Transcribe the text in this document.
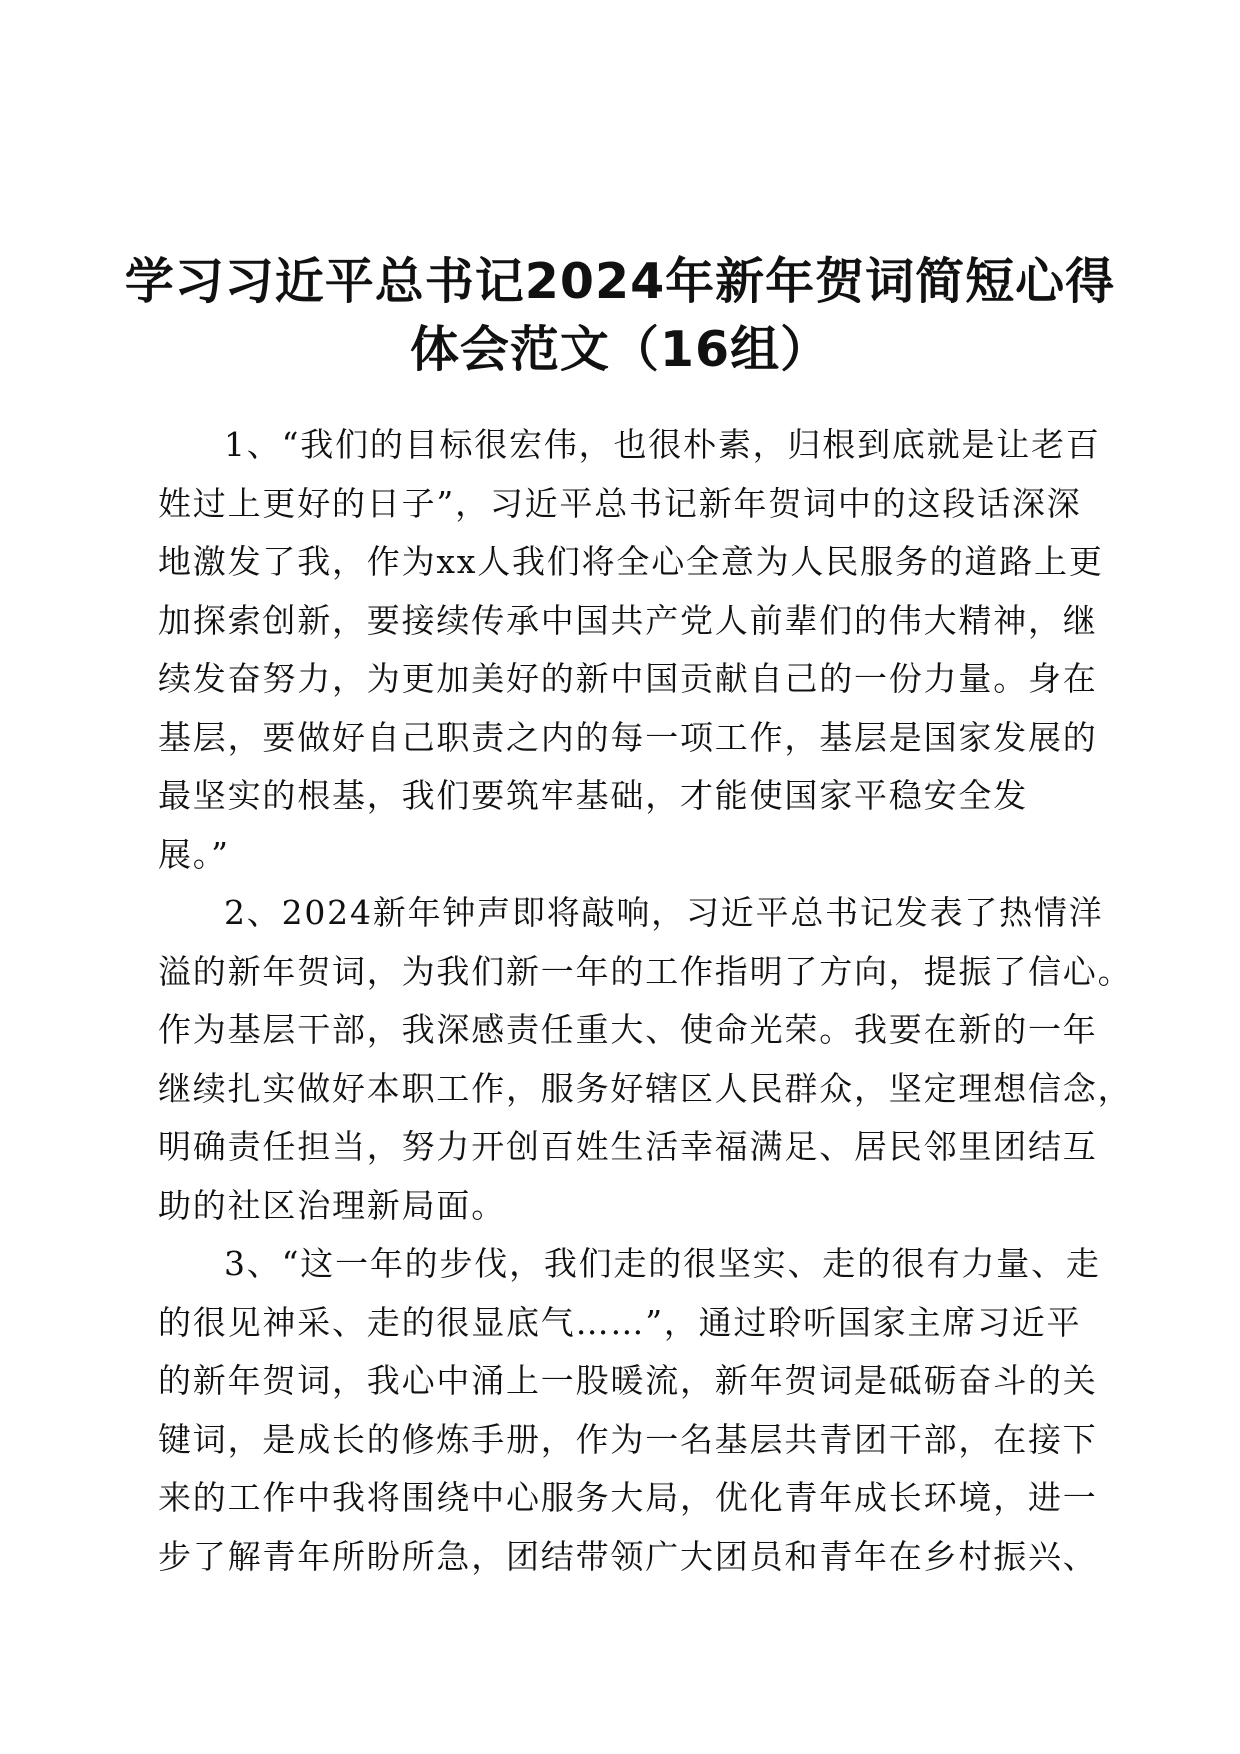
学习习近平总书记2024年新年贺词简短心得
体会范文（16组）

1、“我们的目标很宏伟，也很朴素，归根到底就是让老百
姓过上更好的日子”，习近平总书记新年贺词中的这段话深深
地激发了我，作为xx人我们将全心全意为人民服务的道路上更
加探索创新，要接续传承中国共产党人前辈们的伟大精神，继
续发奋努力，为更加美好的新中国贡献自己的一份力量。身在
基层，要做好自己职责之内的每一项工作，基层是国家发展的
最坚实的根基，我们要筑牢基础，才能使国家平稳安全发
展。”

2、2024新年钟声即将敲响，习近平总书记发表了热情洋
溢的新年贺词，为我们新一年的工作指明了方向，提振了信心。
作为基层干部，我深感责任重大、使命光荣。我要在新的一年
继续扎实做好本职工作，服务好辖区人民群众，坚定理想信念，
明确责任担当，努力开创百姓生活幸福满足、居民邻里团结互
助的社区治理新局面。

3、“这一年的步伐，我们走的很坚实、走的很有力量、走
的很见神采、走的很显底气……”，通过聆听国家主席习近平
的新年贺词，我心中涌上一股暖流，新年贺词是砥砺奋斗的关
键词，是成长的修炼手册，作为一名基层共青团干部，在接下
来的工作中我将围绕中心服务大局，优化青年成长环境，进一
步了解青年所盼所急，团结带领广大团员和青年在乡村振兴、
